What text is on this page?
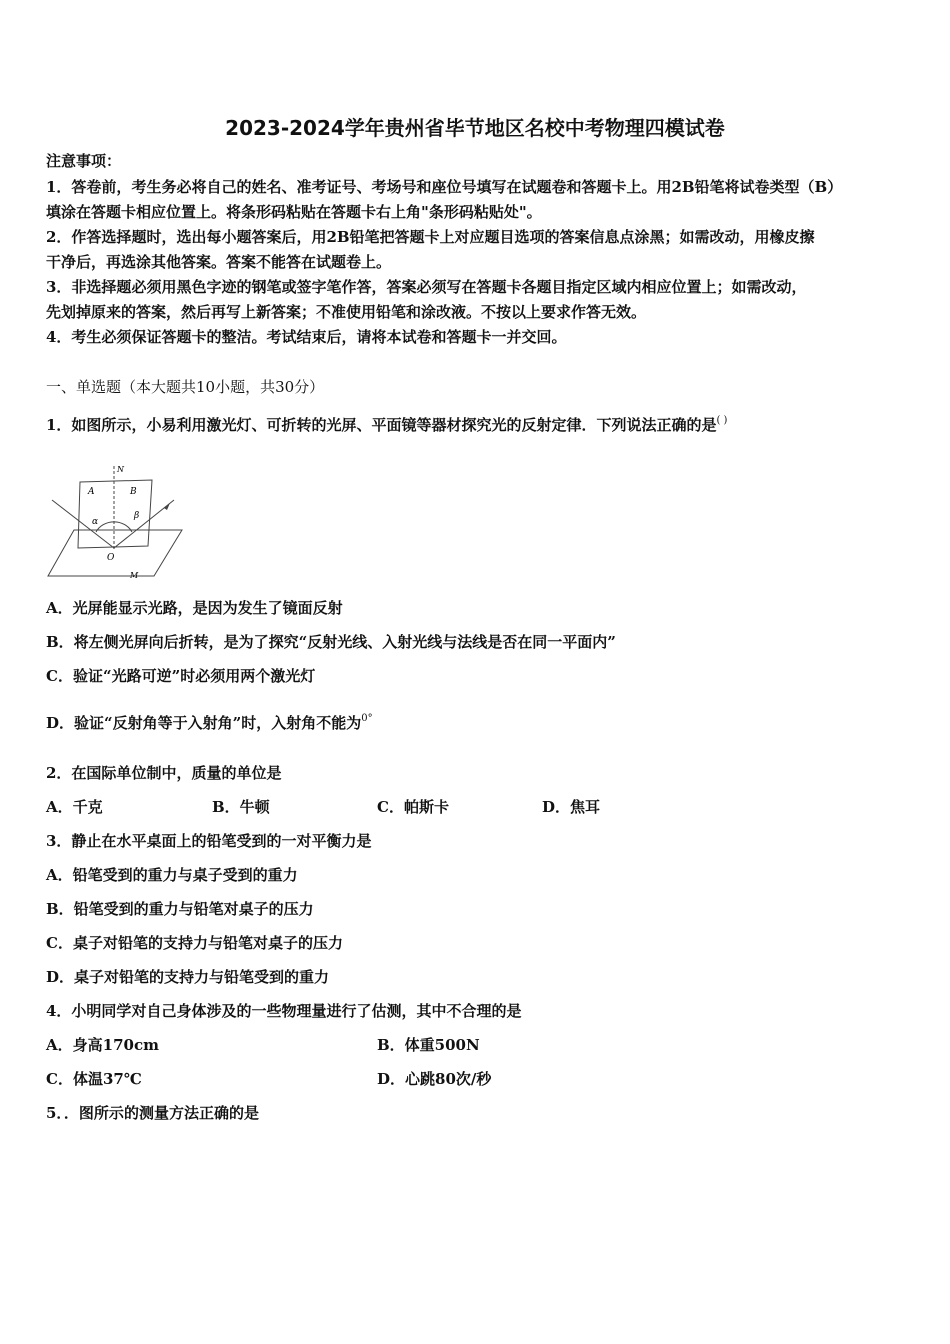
2023-2024学年贵州省毕节地区名校中考物理四模试卷
注意事项：
1．答卷前，考生务必将自己的姓名、准考证号、考场号和座位号填写在试题卷和答题卡上。用2B铅笔将试卷类型（B）
填涂在答题卡相应位置上。将条形码粘贴在答题卡右上角"条形码粘贴处"。
2．作答选择题时，选出每小题答案后，用2B铅笔把答题卡上对应题目选项的答案信息点涂黑；如需改动，用橡皮擦
干净后，再选涂其他答案。答案不能答在试题卷上。
3．非选择题必须用黑色字迹的钢笔或签字笔作答，答案必须写在答题卡各题目指定区域内相应位置上；如需改动，
先划掉原来的答案，然后再写上新答案；不准使用铅笔和涂改液。不按以上要求作答无效。
4．考生必须保证答题卡的整洁。考试结束后，请将本试卷和答题卡一并交回。
一、单选题（本大题共10小题，共30分）
1．如图所示，小易利用激光灯、可折转的光屏、平面镜等器材探究光的反射定律．下列说法正确的是( )
N
A	B
α
β
O
M
A．光屏能显示光路，是因为发生了镜面反射
B．将左侧光屏向后折转，是为了探究“反射光线、入射光线与法线是否在同一平面内”
C．验证“光路可逆”时必须用两个激光灯
D．验证“反射角等于入射角”时，入射角不能为$^{0^\circ}$
2．在国际单位制中，质量的单位是
A．千克	B．牛顿	C．帕斯卡	D．焦耳
3．静止在水平桌面上的铅笔受到的一对平衡力是
A．铅笔受到的重力与桌子受到的重力
B．铅笔受到的重力与铅笔对桌子的压力
C．桌子对铅笔的支持力与铅笔对桌子的压力
D．桌子对铅笔的支持力与铅笔受到的重力
4．小明同学对自己身体涉及的一些物理量进行了估测，其中不合理的是
A．身高170cm	B．体重500N
C．体温37℃	D．心跳80次/秒
5．．图所示的测量方法正确的是
